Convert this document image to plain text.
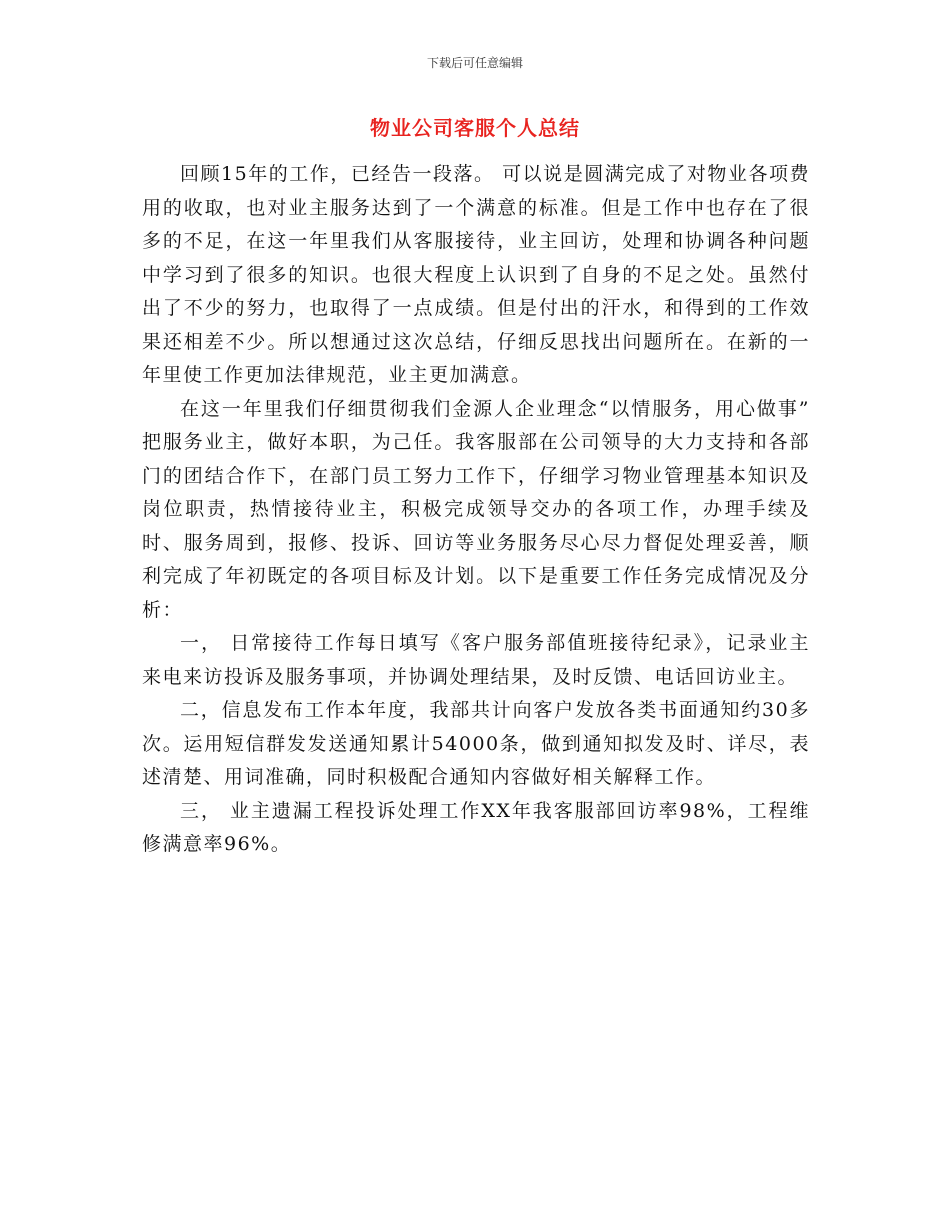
下载后可任意编辑
物业公司客服个人总结

回顾15年的工作，已经告一段落。 可以说是圆满完成了对物业各项费用的收取，也对业主服务达到了一个满意的标准。但是工作中也存在了很多的不足，在这一年里我们从客服接待，业主回访，处理和协调各种问题中学习到了很多的知识。也很大程度上认识到了自身的不足之处。虽然付出了不少的努力，也取得了一点成绩。但是付出的汗水，和得到的工作效果还相差不少。所以想通过这次总结，仔细反思找出问题所在。在新的一年里使工作更加法律规范，业主更加满意。

在这一年里我们仔细贯彻我们金源人企业理念“以情服务，用心做事” 把服务业主，做好本职，为己任。我客服部在公司领导的大力支持和各部门的团结合作下，在部门员工努力工作下，仔细学习物业管理基本知识及岗位职责，热情接待业主，积极完成领导交办的各项工作，办理手续及时、服务周到，报修、投诉、回访等业务服务尽心尽力督促处理妥善，顺利完成了年初既定的各项目标及计划。以下是重要工作任务完成情况及分析：

一， 日常接待工作每日填写《客户服务部值班接待纪录》，记录业主来电来访投诉及服务事项，并协调处理结果，及时反馈、电话回访业主。

二，信息发布工作本年度，我部共计向客户发放各类书面通知约30多次。运用短信群发发送通知累计54000条，做到通知拟发及时、详尽，表述清楚、用词准确，同时积极配合通知内容做好相关解释工作。

三， 业主遗漏工程投诉处理工作XX年我客服部回访率98%，工程维修满意率96%。
